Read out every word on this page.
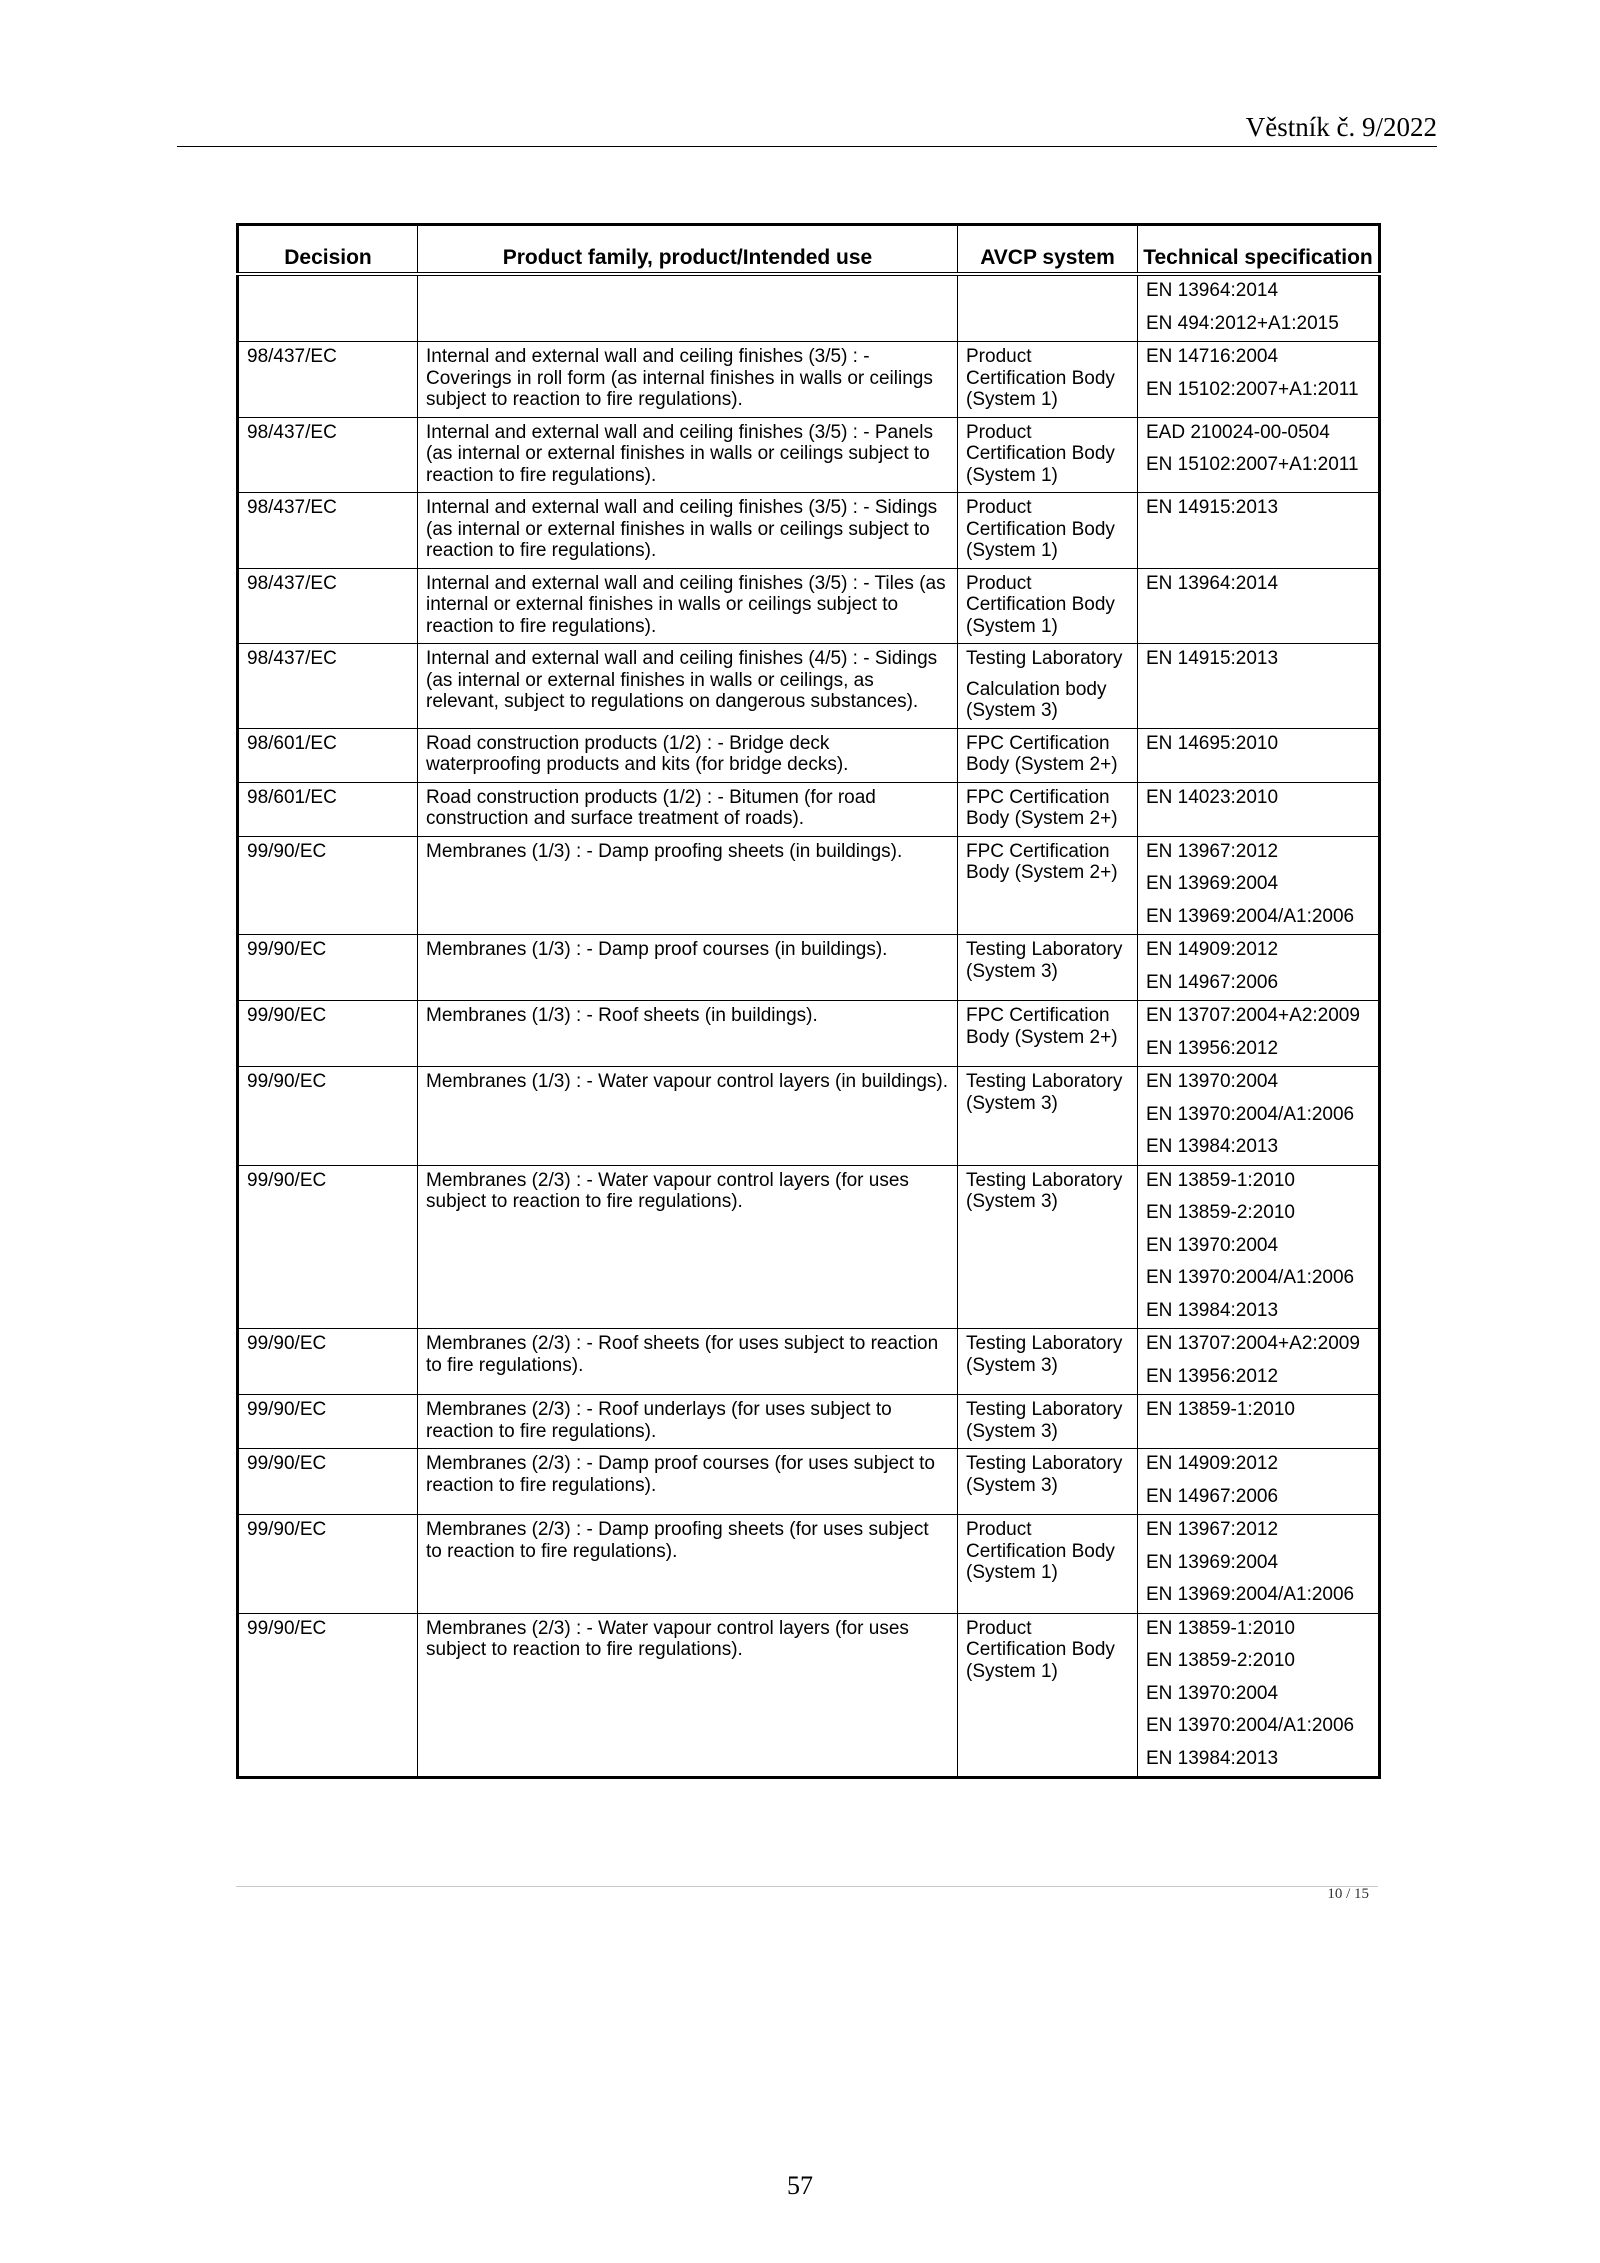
Věstník č. 9/2022
Decision	Product family, product/Intended use	AVCP system	Technical specification

			EN 13964:2014
EN 494:2012+A1:2015

98/437/EC	Internal and external wall and ceiling finishes (3/5) : - Coverings in roll form (as internal finishes in walls or ceilings subject to reaction to fire regulations).	Product Certification Body (System 1)	EN 14716:2004
EN 15102:2007+A1:2011

98/437/EC	Internal and external wall and ceiling finishes (3/5) : - Panels (as internal or external finishes in walls or ceilings subject to reaction to fire regulations).	Product Certification Body (System 1)	EAD 210024-00-0504
EN 15102:2007+A1:2011

98/437/EC	Internal and external wall and ceiling finishes (3/5) : - Sidings (as internal or external finishes in walls or ceilings subject to reaction to fire regulations).	Product Certification Body (System 1)	EN 14915:2013

98/437/EC	Internal and external wall and ceiling finishes (3/5) : - Tiles (as internal or external finishes in walls or ceilings subject to reaction to fire regulations).	Product Certification Body (System 1)	EN 13964:2014

98/437/EC	Internal and external wall and ceiling finishes (4/5) : - Sidings (as internal or external finishes in walls or ceilings, as relevant, subject to regulations on dangerous substances).	Testing Laboratory
Calculation body (System 3)	EN 14915:2013

98/601/EC	Road construction products (1/2) : - Bridge deck waterproofing products and kits (for bridge decks).	FPC Certification Body (System 2+)	EN 14695:2010

98/601/EC	Road construction products (1/2) : - Bitumen (for road construction and surface treatment of roads).	FPC Certification Body (System 2+)	EN 14023:2010

99/90/EC	Membranes (1/3) : - Damp proofing sheets (in buildings).	FPC Certification Body (System 2+)	EN 13967:2012
EN 13969:2004
EN 13969:2004/A1:2006

99/90/EC	Membranes (1/3) : - Damp proof courses (in buildings).	Testing Laboratory (System 3)	EN 14909:2012
EN 14967:2006

99/90/EC	Membranes (1/3) : - Roof sheets (in buildings).	FPC Certification Body (System 2+)	EN 13707:2004+A2:2009
EN 13956:2012

99/90/EC	Membranes (1/3) : - Water vapour control layers (in buildings).	Testing Laboratory (System 3)	EN 13970:2004
EN 13970:2004/A1:2006
EN 13984:2013

99/90/EC	Membranes (2/3) : - Water vapour control layers (for uses subject to reaction to fire regulations).	Testing Laboratory (System 3)	EN 13859-1:2010
EN 13859-2:2010
EN 13970:2004
EN 13970:2004/A1:2006
EN 13984:2013

99/90/EC	Membranes (2/3) : - Roof sheets (for uses subject to reaction to fire regulations).	Testing Laboratory (System 3)	EN 13707:2004+A2:2009
EN 13956:2012

99/90/EC	Membranes (2/3) : - Roof underlays (for uses subject to reaction to fire regulations).	Testing Laboratory (System 3)	EN 13859-1:2010

99/90/EC	Membranes (2/3) : - Damp proof courses (for uses subject to reaction to fire regulations).	Testing Laboratory (System 3)	EN 14909:2012
EN 14967:2006

99/90/EC	Membranes (2/3) : - Damp proofing sheets (for uses subject to reaction to fire regulations).	Product Certification Body (System 1)	EN 13967:2012
EN 13969:2004
EN 13969:2004/A1:2006

99/90/EC	Membranes (2/3) : - Water vapour control layers (for uses subject to reaction to fire regulations).	Product Certification Body (System 1)	EN 13859-1:2010
EN 13859-2:2010
EN 13970:2004
EN 13970:2004/A1:2006
EN 13984:2013
10 / 15
57
